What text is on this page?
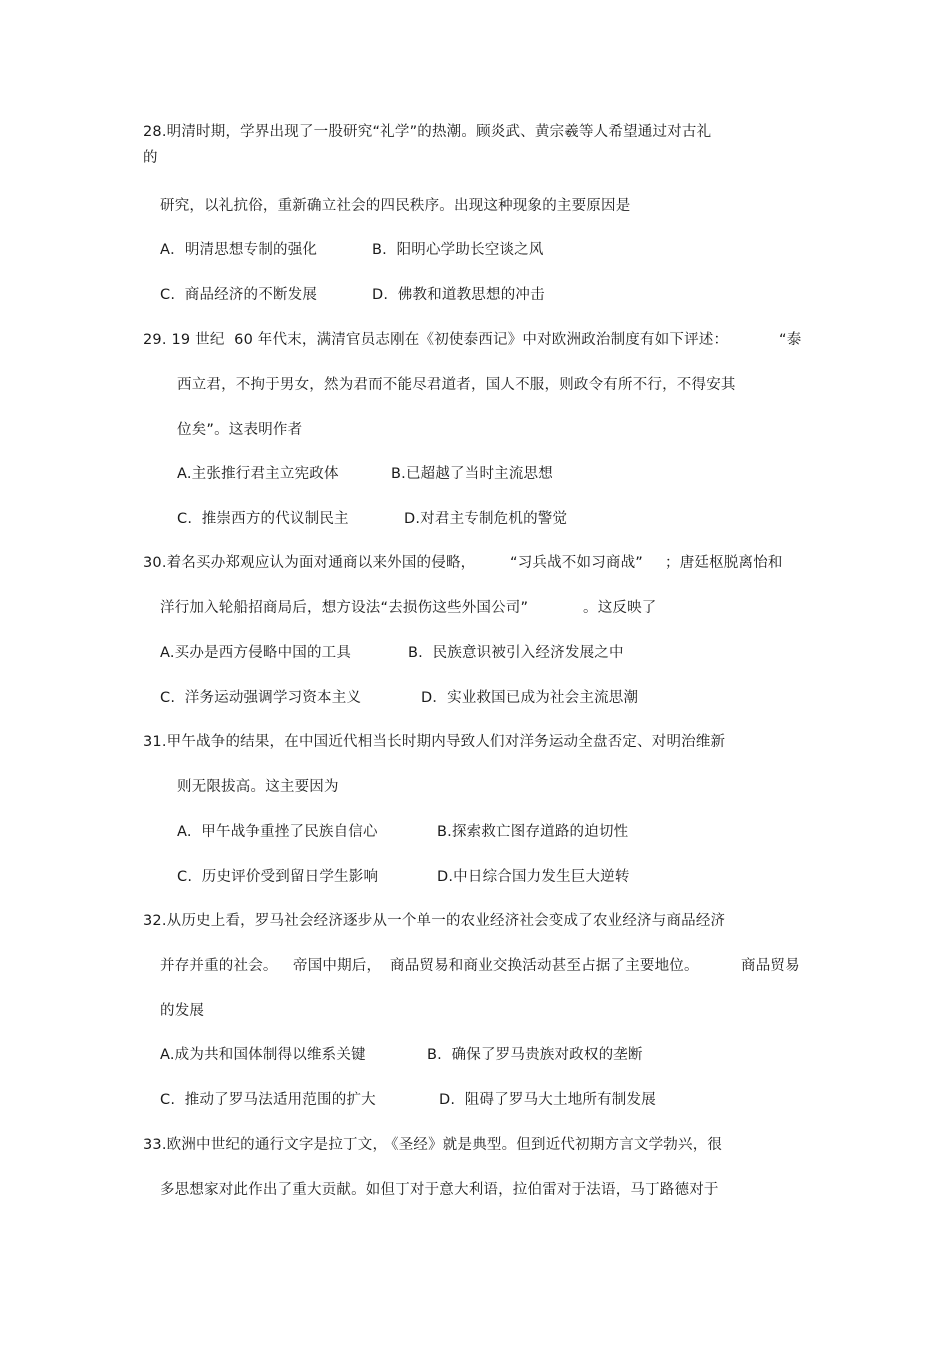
28.明清时期，学界出现了一股研究“礼学”的热潮。顾炎武、黄宗羲等人希望通过对古礼
的
研究，以礼抗俗，重新确立社会的四民秩序。出现这种现象的主要原因是
A．明清思想专制的强化	B.  阳明心学助长空谈之风
C.  商品经济的不断发展	D.  佛教和道教思想的冲击
29. 19 世纪  60 年代末，满清官员志刚在《初使泰西记》中对欧洲政治制度有如下评述：	“泰
西立君，不拘于男女，然为君而不能尽君道者，国人不服，则政令有所不行，不得安其
位矣”。这表明作者
A.主张推行君主立宪政体	B.已超越了当时主流思想
C.  推崇西方的代议制民主	D.对君主专制危机的警觉
30.着名买办郑观应认为面对通商以来外国的侵略， “习兵战不如习商战” ；唐廷枢脱离怡和
洋行加入轮船招商局后，想方设法“去损伤这些外国公司”	。这反映了
A.买办是西方侵略中国的工具	B.  民族意识被引入经济发展之中
C.  洋务运动强调学习资本主义	D．实业救国已成为社会主流思潮
31.甲午战争的结果，在中国近代相当长时期内导致人们对洋务运动全盘否定、对明治维新
则无限拔高。这主要因为
A.  甲午战争重挫了民族自信心	B.探索救亡图存道路的迫切性
C.  历史评价受到留日学生影响	D.中日综合国力发生巨大逆转
32.从历史上看，罗马社会经济逐步从一个单一的农业经济社会变成了农业经济与商品经济
并存并重的社会。 帝国中期后， 商品贸易和商业交换活动甚至占据了主要地位。	商品贸易
的发展
A.成为共和国体制得以维系关键	B.  确保了罗马贵族对政权的垄断
C.  推动了罗马法适用范围的扩大	D.  阻碍了罗马大土地所有制发展
33.欧洲中世纪的通行文字是拉丁文，
《圣经》就是典型。但到近代初期方言文学勃兴，很
多思想家对此作出了重大贡献。如但丁对于意大利语，拉伯雷对于法语，马丁路德对于
